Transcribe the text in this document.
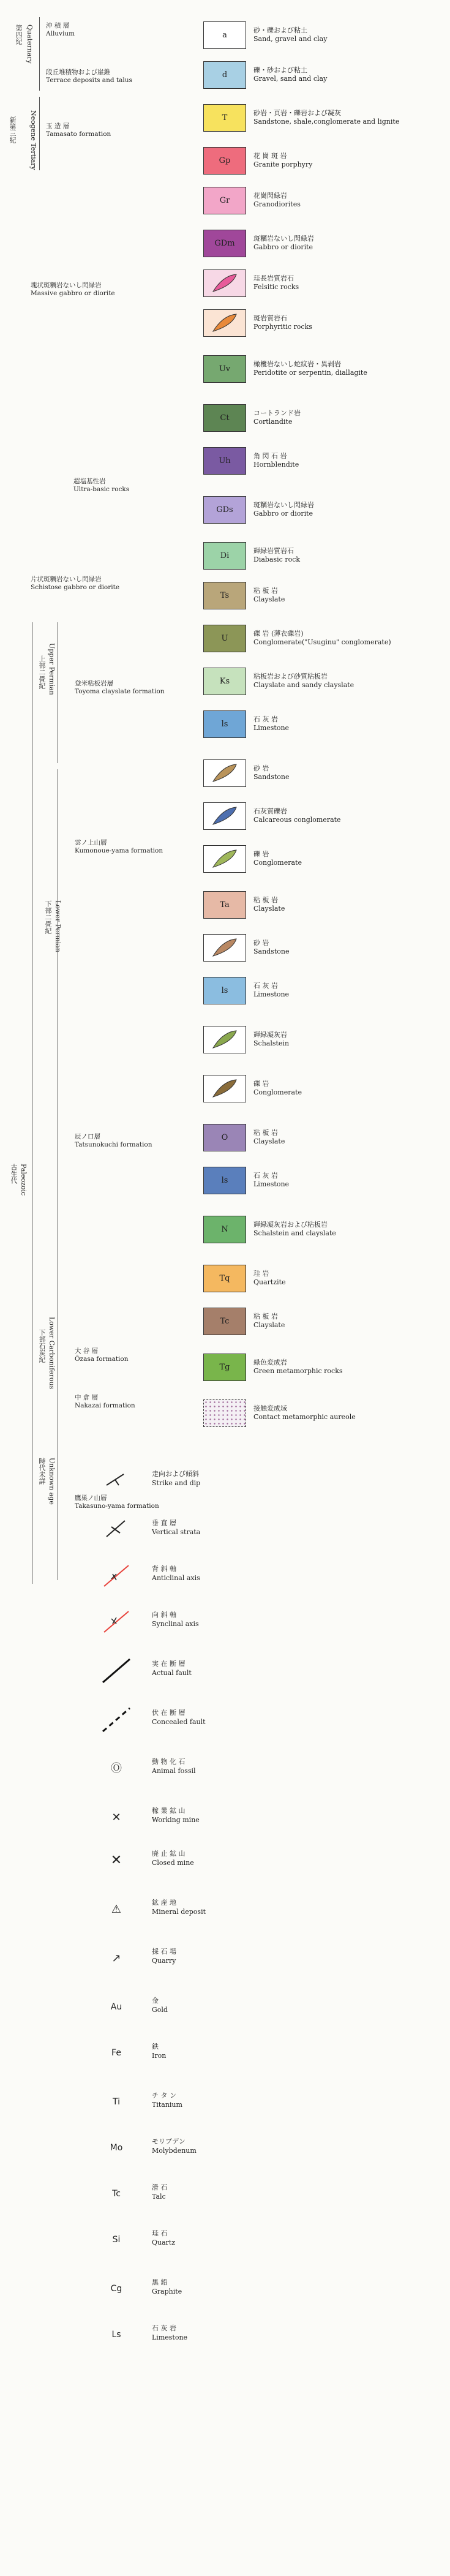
第四紀 Quaternary
新第三紀	Neogene Tertiary
上部二畳紀 Upper Permian
下部二畳紀 Lower Permian
古生代 Paleozoic
下部石炭紀 Lower Carboniferous
時代未詳 Unknown age
沖 積 層
Alluvium
段丘堆積物および崖錐
Terrace deposits and talus
玉 造 層
Tamasato formation
塊状斑糲岩ないし閃緑岩
Massive gabbro or diorite
超塩基性岩
Ultra-basic rocks
片状斑糲岩ないし閃緑岩
Schistose gabbro or diorite
登米粘板岩層
Toyoma clayslate formation
雲ノ上山層
Kumonoue-yama formation
辰ノ口層
Tatsunokuchi formation
大 谷 層
Ôzasa formation
中 倉 層
Nakazai formation
鷹巣ノ山層
Takasuno-yama formation
a
砂・礫および粘土
Sand, gravel and clay
d
礫・砂および粘土
Gravel, sand and clay
T
砂岩・頁岩・礫岩および凝灰
Sandstone, shale,conglomerate and lignite
Gp
花 崗 斑 岩
Granite porphyry
Gr
花崗閃緑岩
Granodiorites
GDm
斑糲岩ないし閃緑岩
Gabbro or diorite
珪長岩質岩石
Felsitic rocks
斑岩質岩石
Porphyritic rocks
Uv
橄欖岩ないし蛇紋岩・異剥岩
Peridotite or serpentin, diallagite
Ct
コートランド岩
Cortlandite
Uh
角 閃 石 岩
Hornblendite
GDs
斑糲岩ないし閃緑岩
Gabbro or diorite
Di
輝緑岩質岩石
Diabasic rock
Ts
粘 板 岩
Clayslate
U
礫 岩 (薄衣礫岩)
Conglomerate("Usuginu" conglomerate)
Ks
粘板岩および砂質粘板岩
Clayslate and sandy clayslate
ls
石 灰 岩
Limestone
砂 岩
Sandstone
石灰質礫岩
Calcareous conglomerate
礫 岩
Conglomerate
Ta
粘 板 岩
Clayslate
砂 岩
Sandstone
ls
石 灰 岩
Limestone
輝緑凝灰岩
Schalstein
礫 岩
Conglomerate
O
粘 板 岩
Clayslate
ls
石 灰 岩
Limestone
N
輝緑凝灰岩および粘板岩
Schalstein and clayslate
Tq
珪 岩
Quartzite
Tc
粘 板 岩
Clayslate
Tg
緑色変成岩
Green metamorphic rocks
接触変成域
Contact metamorphic aureole
走向および傾斜
Strike and dip
垂 直 層
Vertical strata
背 斜 軸
Anticlinal axis
向 斜 軸
Synclinal axis
実 在 断 層
Actual fault
伏 在 断 層
Concealed fault
Ⓞ
動 物 化 石
Animal fossil
✕
稼 業 鉱 山
Working mine
✕	廃 止 鉱 山
Closed mine
⚠
鉱 産 地
Mineral deposit
↗
採 石 場
Quarry
Au
金
Gold
Fe
鉄
Iron
Ti
チ タ ン
Titanium
Mo
モリブデン
Molybdenum
Tc
滑 石
Talc
Si
珪 石
Quartz
Cg
黒 鉛
Graphite
Ls
石 灰 岩
Limestone
